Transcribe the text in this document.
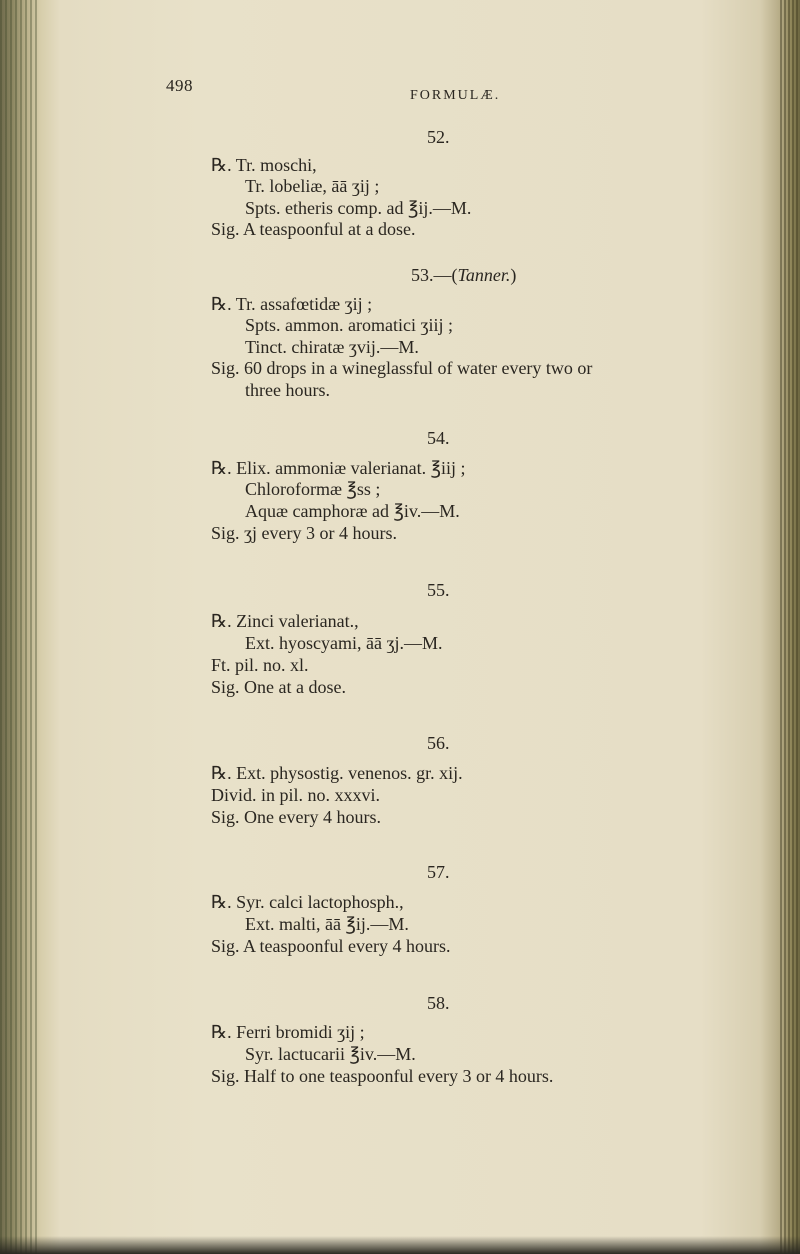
498
FORMULÆ.
52.
℞. Tr. moschi,
Tr. lobeliæ, āā ʒij ;
Spts. etheris comp. ad ℥ij.—M.
Sig. A teaspoonful at a dose.
53.—(Tanner.)
℞. Tr. assafœtidæ ʒij ;
Spts. ammon. aromatici ʒiij ;
Tinct. chiratæ ʒvij.—M.
Sig. 60 drops in a wineglassful of water every two or
three hours.
54.
℞. Elix. ammoniæ valerianat. ℥iij ;
Chloroformæ ℥ss ;
Aquæ camphoræ ad ℥iv.—M.
Sig. ʒj every 3 or 4 hours.
55.
℞. Zinci valerianat.,
Ext. hyoscyami, āā ʒj.—M.
Ft. pil. no. xl.
Sig. One at a dose.
56.
℞. Ext. physostig. venenos. gr. xij.
Divid. in pil. no. xxxvi.
Sig. One every 4 hours.
57.
℞. Syr. calci lactophosph.,
Ext. malti, āā ℥ij.—M.
Sig. A teaspoonful every 4 hours.
58.
℞. Ferri bromidi ʒij ;
Syr. lactucarii ℥iv.—M.
Sig. Half to one teaspoonful every 3 or 4 hours.
